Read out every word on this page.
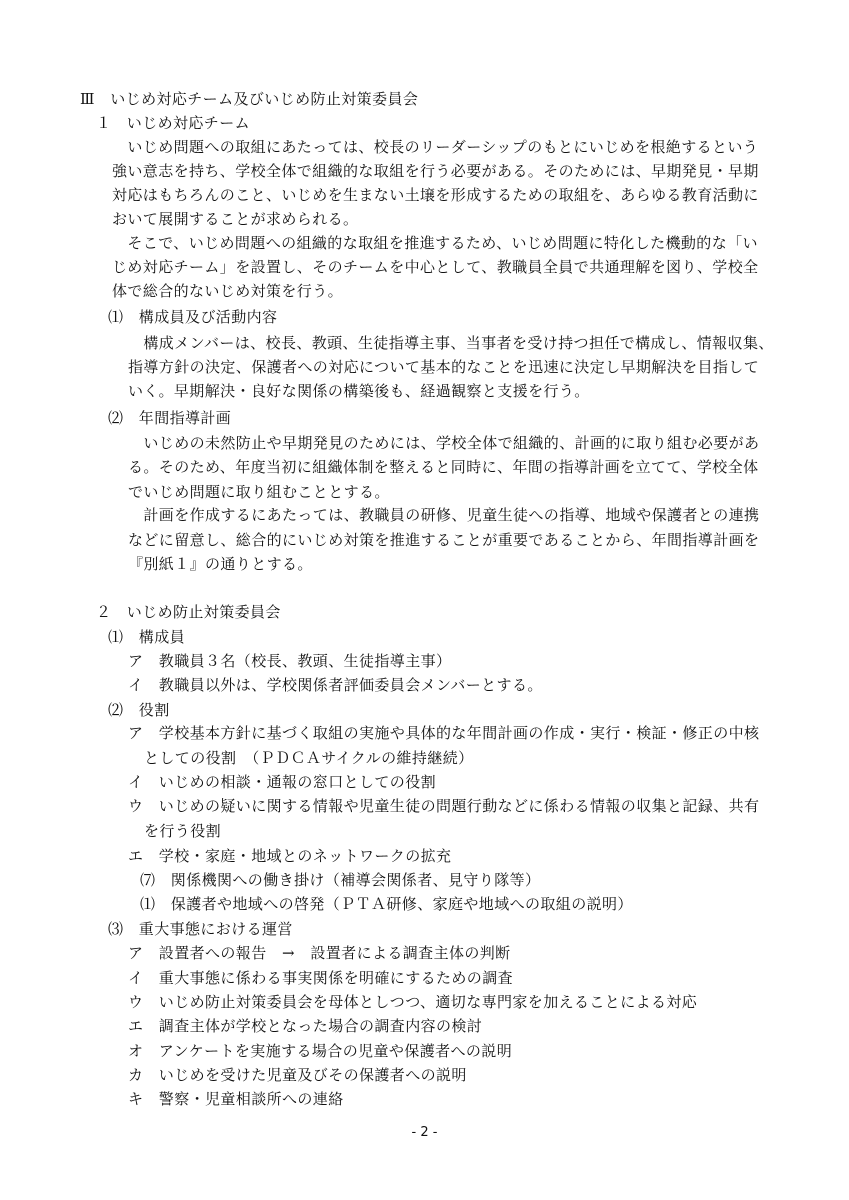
Ⅲ　いじめ対応チーム及びいじめ防止対策委員会
１　いじめ対応チーム
　いじめ問題への取組にあたっては、校長のリーダーシップのもとにいじめを根絶するという
強い意志を持ち、学校全体で組織的な取組を行う必要がある。そのためには、早期発見・早期
対応はもちろんのこと、いじめを生まない土壌を形成するための取組を、あらゆる教育活動に
おいて展開することが求められる。
　そこで、いじめ問題への組織的な取組を推進するため、いじめ問題に特化した機動的な「い
じめ対応チーム」を設置し、そのチームを中心として、教職員全員で共通理解を図り、学校全
体で総合的ないじめ対策を行う。
⑴　構成員及び活動内容
　構成メンバーは、校長、教頭、生徒指導主事、当事者を受け持つ担任で構成し、情報収集、
指導方針の決定、保護者への対応について基本的なことを迅速に決定し早期解決を目指して
いく。早期解決・良好な関係の構築後も、経過観察と支援を行う。
⑵　年間指導計画
　いじめの未然防止や早期発見のためには、学校全体で組織的、計画的に取り組む必要があ
る。そのため、年度当初に組織体制を整えると同時に、年間の指導計画を立てて、学校全体
でいじめ問題に取り組むこととする。
　計画を作成するにあたっては、教職員の研修、児童生徒への指導、地域や保護者との連携
などに留意し、総合的にいじめ対策を推進することが重要であることから、年間指導計画を
『別紙１』の通りとする。
２　いじめ防止対策委員会
⑴　構成員
ア　教職員３名（校長、教頭、生徒指導主事）
イ　教職員以外は、学校関係者評価委員会メンバーとする。
⑵　役割
ア　学校基本方針に基づく取組の実施や具体的な年間計画の作成・実行・検証・修正の中核
としての役割　（ＰＤＣＡサイクルの維持継続）
イ　いじめの相談・通報の窓口としての役割
ウ　いじめの疑いに関する情報や児童生徒の問題行動などに係わる情報の収集と記録、共有
を行う役割
エ　学校・家庭・地域とのネットワークの拡充
⑺　関係機関への働き掛け（補導会関係者、見守り隊等）
⑴　保護者や地域への啓発（ＰＴＡ研修、家庭や地域への取組の説明）
⑶　重大事態における運営
ア　設置者への報告　→　設置者による調査主体の判断
イ　重大事態に係わる事実関係を明確にするための調査
ウ　いじめ防止対策委員会を母体としつつ、適切な専門家を加えることによる対応
エ　調査主体が学校となった場合の調査内容の検討
オ　アンケートを実施する場合の児童や保護者への説明
カ　いじめを受けた児童及びその保護者への説明
キ　警察・児童相談所への連絡
- 2 -
